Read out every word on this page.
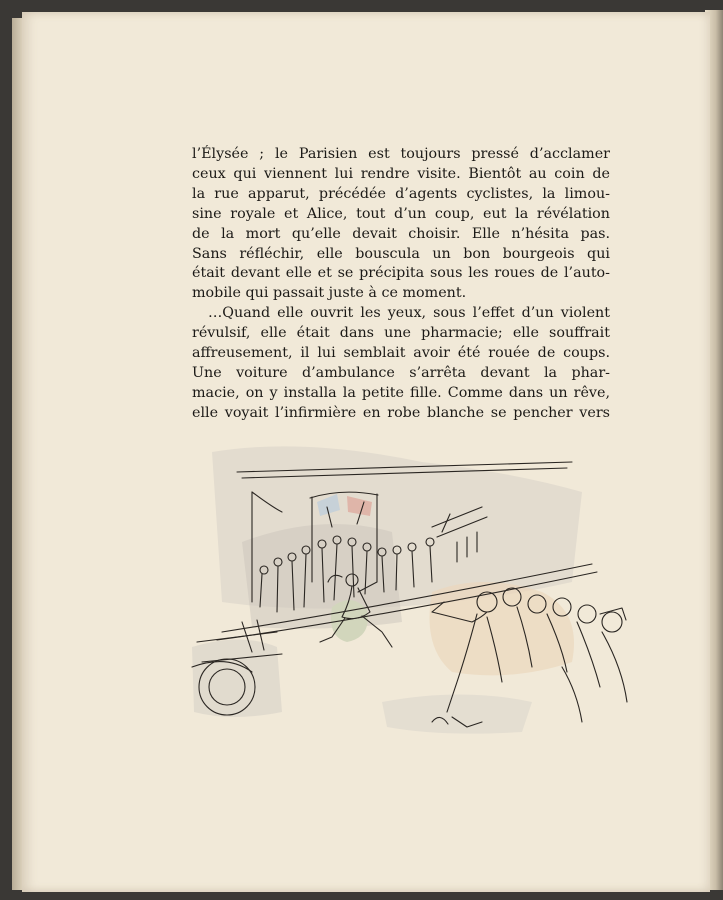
l’Élysée ; le Parisien est toujours pressé d’acclamer
ceux qui viennent lui rendre visite. Bientôt au coin de
la rue apparut, précédée d’agents cyclistes, la limou-
sine royale et Alice, tout d’un coup, eut la révélation
de la mort qu’elle devait choisir. Elle n’hésita pas.
Sans réfléchir, elle bouscula un bon bourgeois qui
était devant elle et se précipita sous les roues de l’auto-
mobile qui passait juste à ce moment.
…Quand elle ouvrit les yeux, sous l’effet d’un violent
révulsif, elle était dans une pharmacie; elle souffrait
affreusement, il lui semblait avoir été rouée de coups.
Une voiture d’ambulance s’arrêta devant la phar-
macie, on y installa la petite fille. Comme dans un rêve,
elle voyait l’infirmière en robe blanche se pencher vers
